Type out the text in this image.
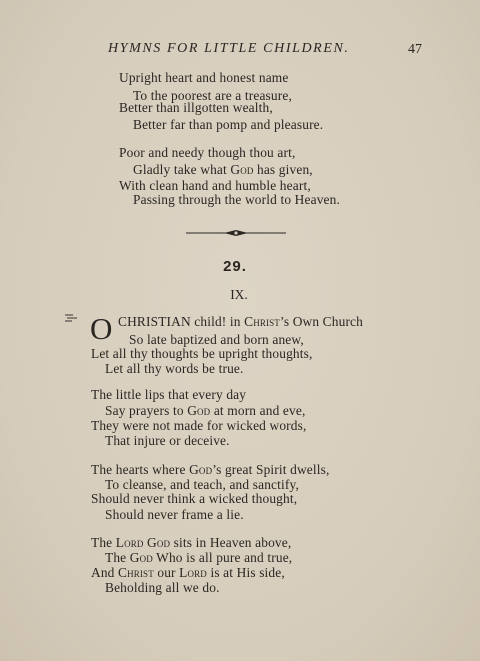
HYMNS FOR LITTLE CHILDREN.	47
Upright heart and honest name
To the poorest are a treasure,
Better than illgotten wealth,
Better far than pomp and pleasure.
Poor and needy though thou art,
Gladly take what God has given,
With clean hand and humble heart,
Passing through the world to Heaven.
29.
IX.
O CHRISTIAN child! in Christ’s Own Church
So late baptized and born anew,
Let all thy thoughts be upright thoughts,
Let all thy words be true.
The little lips that every day
Say prayers to God at morn and eve,
They were not made for wicked words,
That injure or deceive.
The hearts where God’s great Spirit dwells,
To cleanse, and teach, and sanctify,
Should never think a wicked thought,
Should never frame a lie.
The Lord God sits in Heaven above,
The God Who is all pure and true,
And Christ our Lord is at His side,
Beholding all we do.
